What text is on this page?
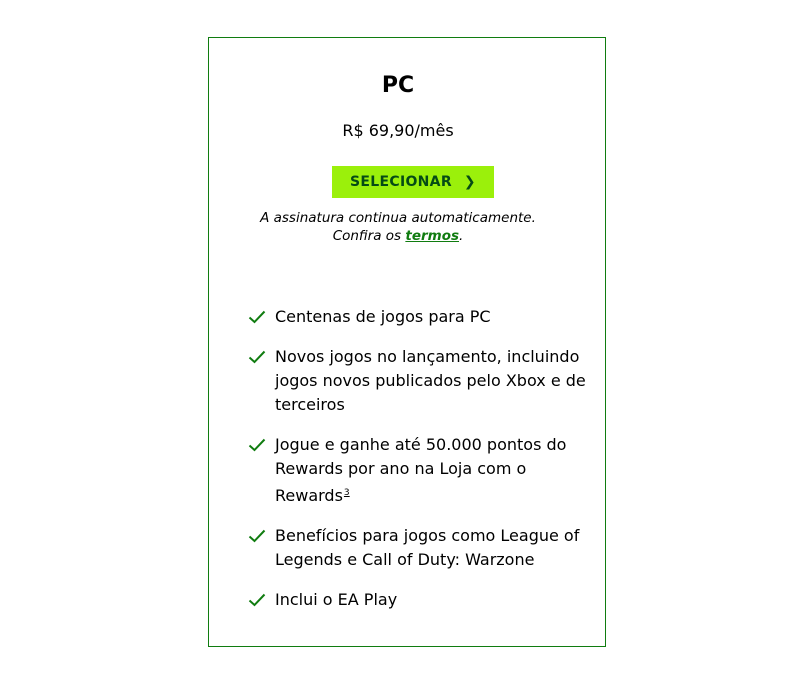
PC
R$ 69,90/mês
SELECIONAR ❯
A assinatura continua automaticamente.
Confira os termos.
Centenas de jogos para PC
Novos jogos no lançamento, incluindo jogos novos publicados pelo Xbox e de terceiros
Jogue e ganhe até 50.000 pontos do Rewards por ano na Loja com o Rewards$^3$
Benefícios para jogos como League of Legends e Call of Duty: Warzone
Inclui o EA Play
